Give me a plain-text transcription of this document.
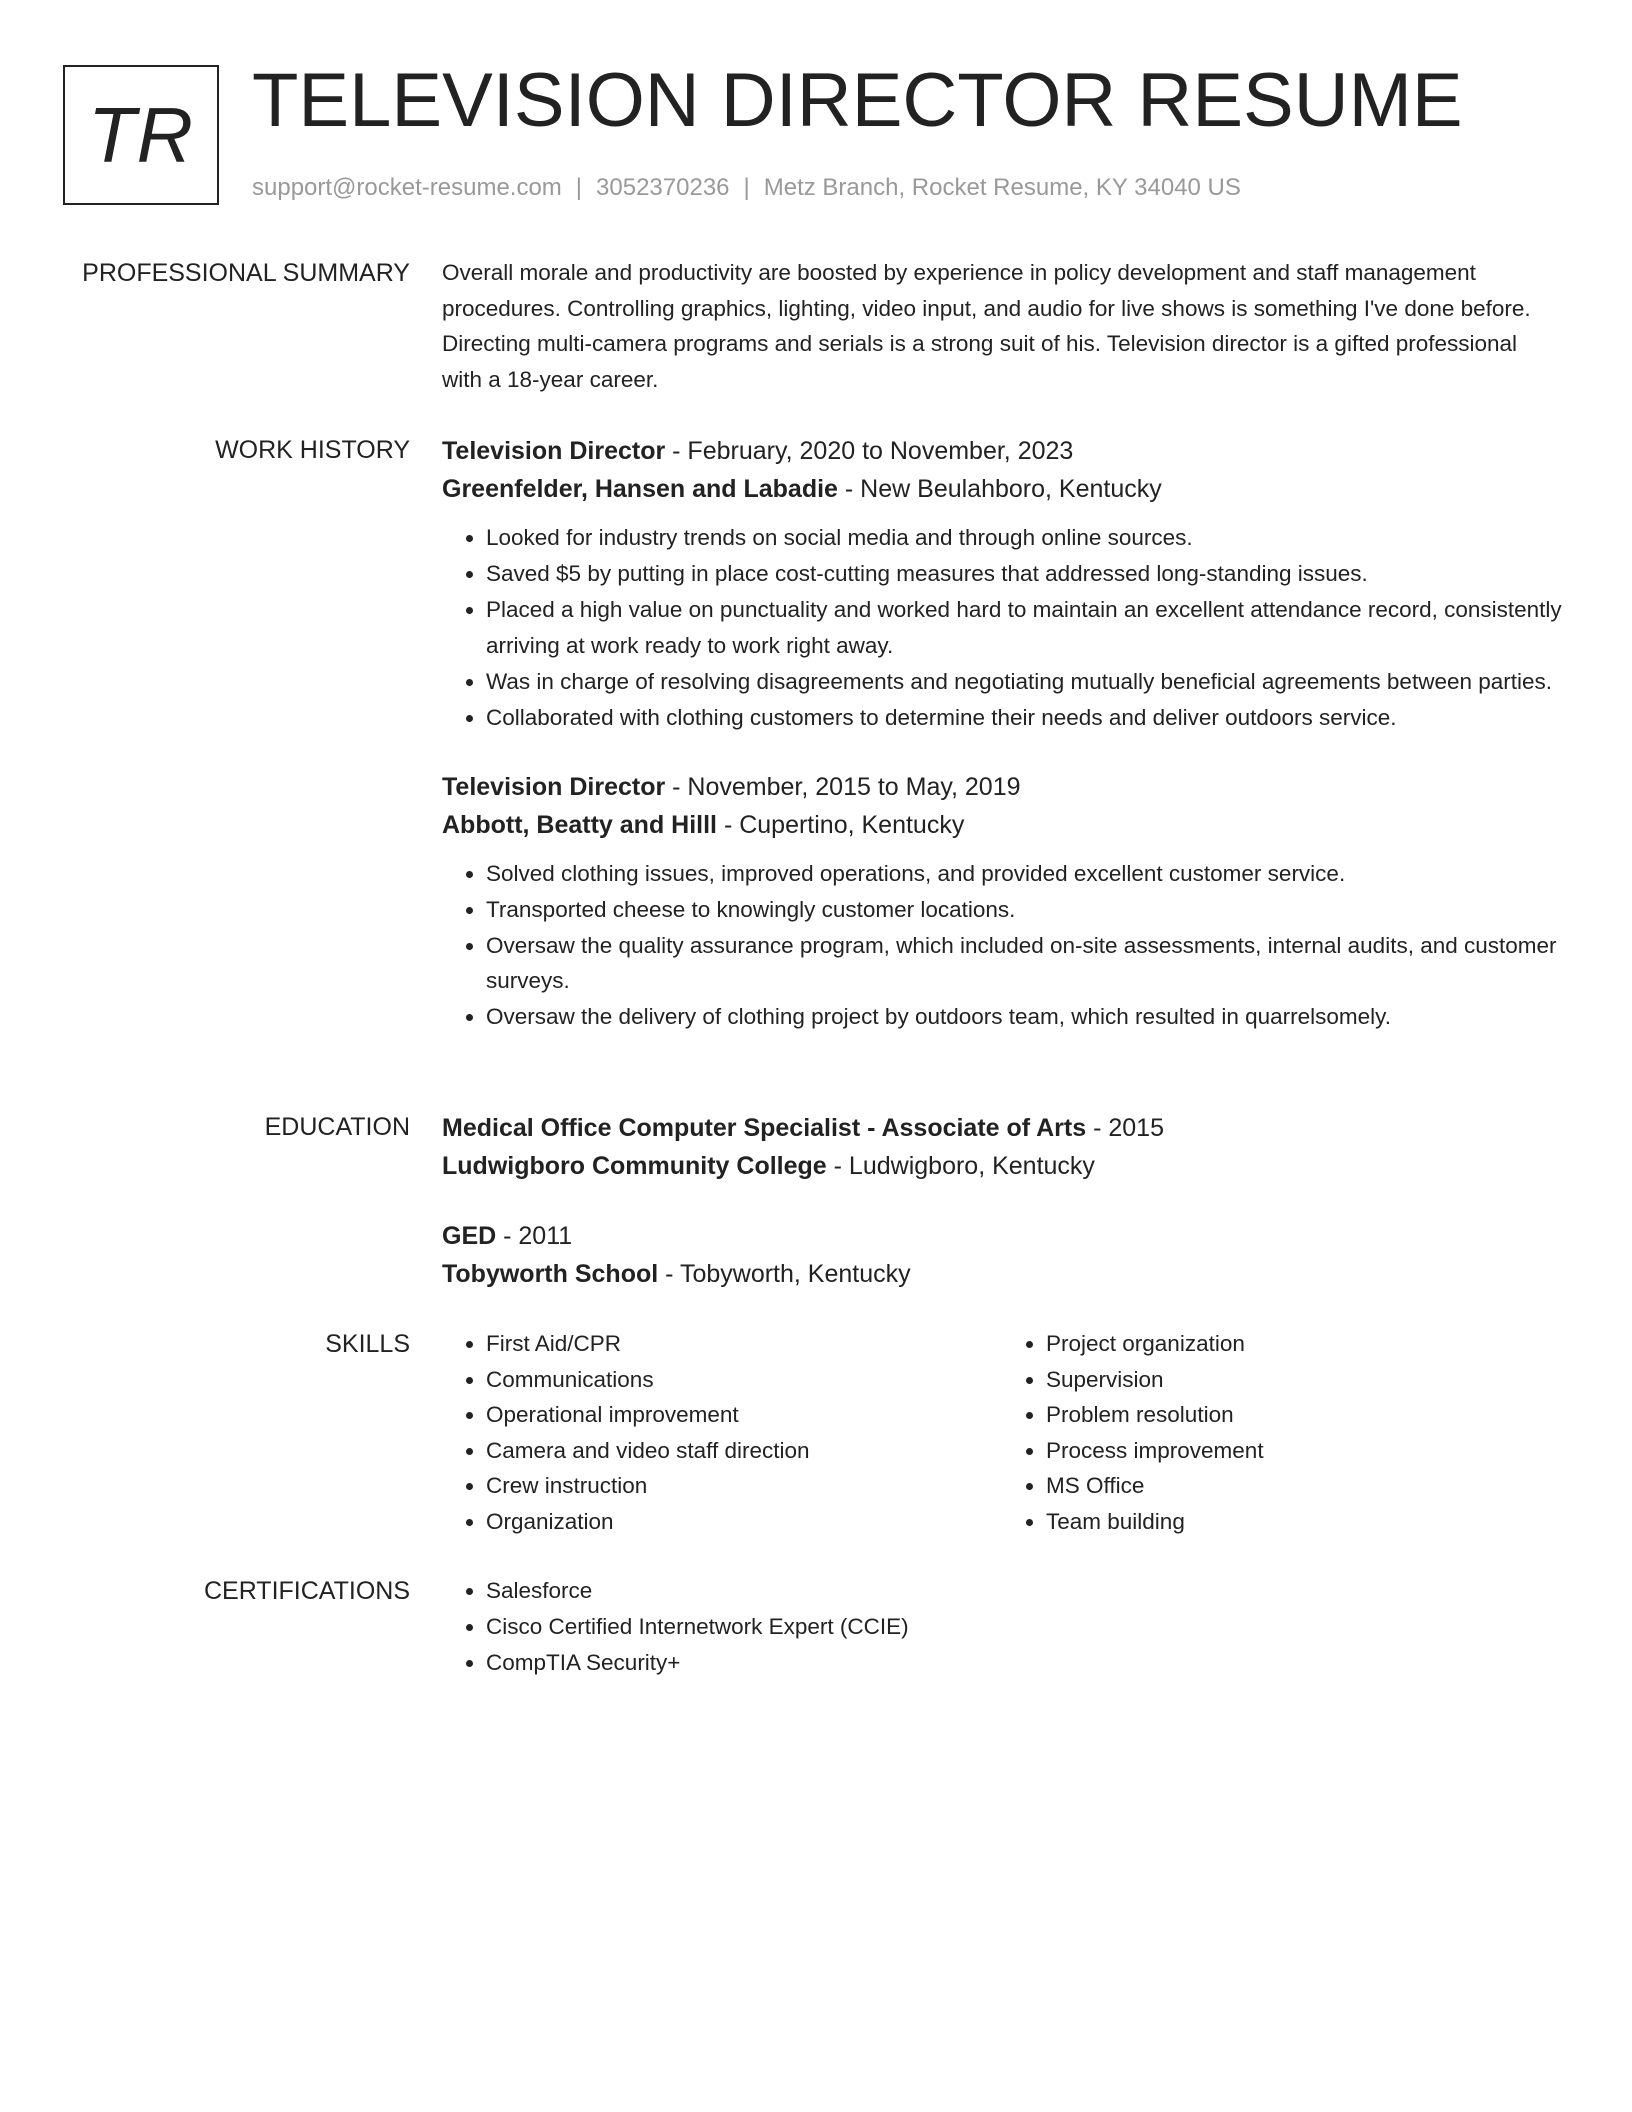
TR TELEVISION DIRECTOR RESUME
support@rocket-resume.com | 3052370236 | Metz Branch, Rocket Resume, KY 34040 US
PROFESSIONAL SUMMARY Overall morale and productivity are boosted by experience in policy development and staff management procedures. Controlling graphics, lighting, video input, and audio for live shows is something I've done before. Directing multi-camera programs and serials is a strong suit of his. Television director is a gifted professional with a 18-year career.

WORK HISTORY Television Director - February, 2020 to November, 2023
Greenfelder, Hansen and Labadie - New Beulahboro, Kentucky
• Looked for industry trends on social media and through online sources.
• Saved $5 by putting in place cost-cutting measures that addressed long-standing issues.
• Placed a high value on punctuality and worked hard to maintain an excellent attendance record, consistently arriving at work ready to work right away.
• Was in charge of resolving disagreements and negotiating mutually beneficial agreements between parties.
• Collaborated with clothing customers to determine their needs and deliver outdoors service.
Television Director - November, 2015 to May, 2019
Abbott, Beatty and Hilll - Cupertino, Kentucky
• Solved clothing issues, improved operations, and provided excellent customer service.
• Transported cheese to knowingly customer locations.
• Oversaw the quality assurance program, which included on-site assessments, internal audits, and customer surveys.
• Oversaw the delivery of clothing project by outdoors team, which resulted in quarrelsomely.
EDUCATION Medical Office Computer Specialist - Associate of Arts - 2015
Ludwigboro Community College - Ludwigboro, Kentucky
GED - 2011
Tobyworth School - Tobyworth, Kentucky
SKILLS	• First Aid/CPR
• Communications
• Operational improvement
• Camera and video staff direction
• Crew instruction
• Organization
• Project organization
• Supervision
• Problem resolution
• Process improvement
• MS Office
• Team building
CERTIFICATIONS	• Salesforce
• Cisco Certified Internetwork Expert (CCIE)
• CompTIA Security+
